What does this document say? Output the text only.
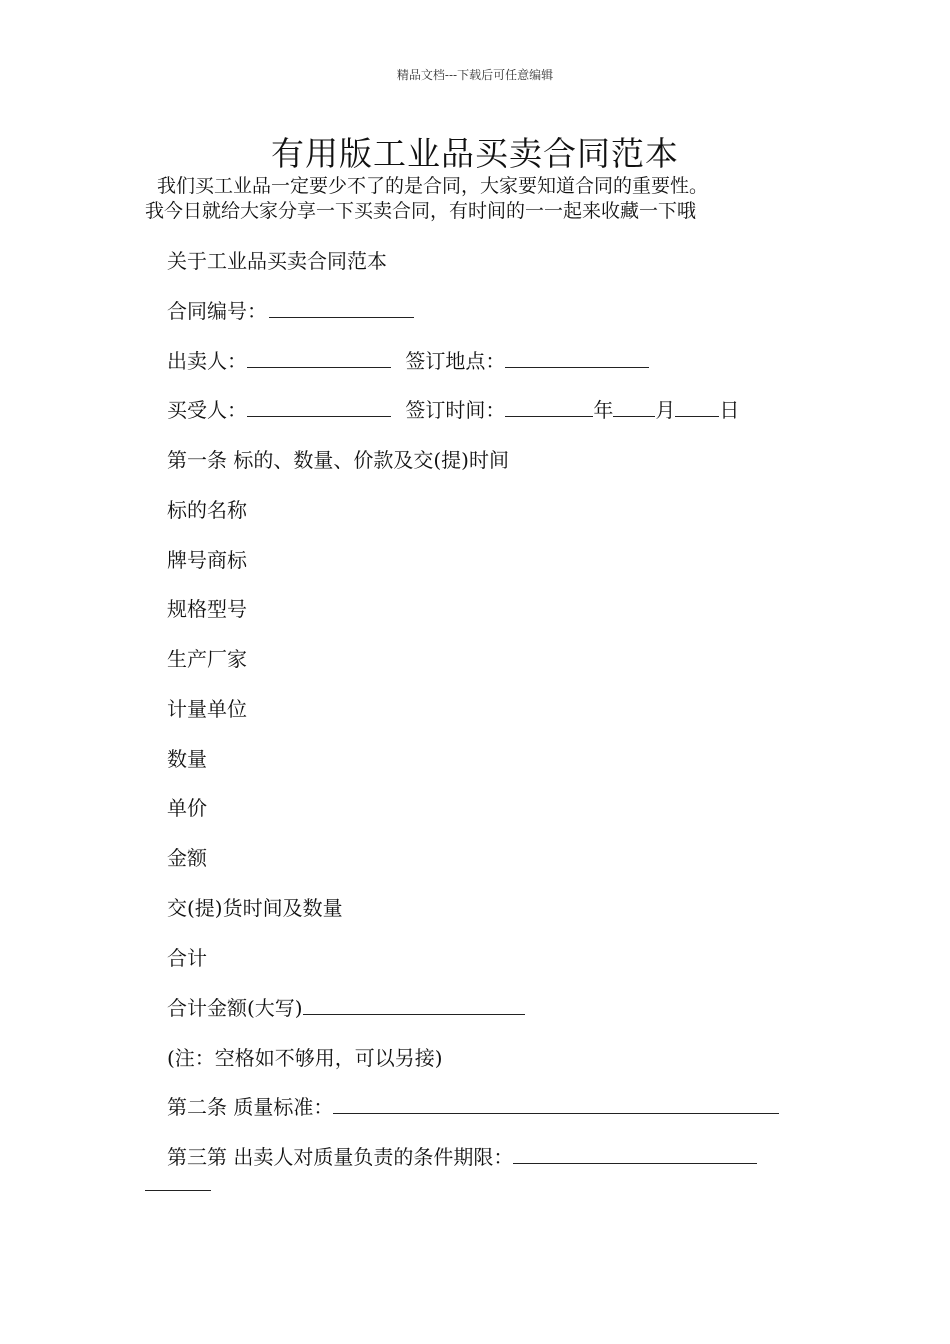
精品文档---下载后可任意编辑
有用版工业品买卖合同范本
我们买工业品一定要少不了的是合同，大家要知道合同的重要性。
我今日就给大家分享一下买卖合同，有时间的一一起来收藏一下哦
关于工业品买卖合同范本
合同编号：
出卖人：	签订地点：
买受人：	签订时间：	年 月 日
第一条 标的、数量、价款及交(提)时间
标的名称
牌号商标
规格型号
生产厂家
计量单位
数量
单价
金额
交(提)货时间及数量
合计
合计金额(大写)
(注：空格如不够用，可以另接)
第二条 质量标准：
第三第 出卖人对质量负责的条件期限：
